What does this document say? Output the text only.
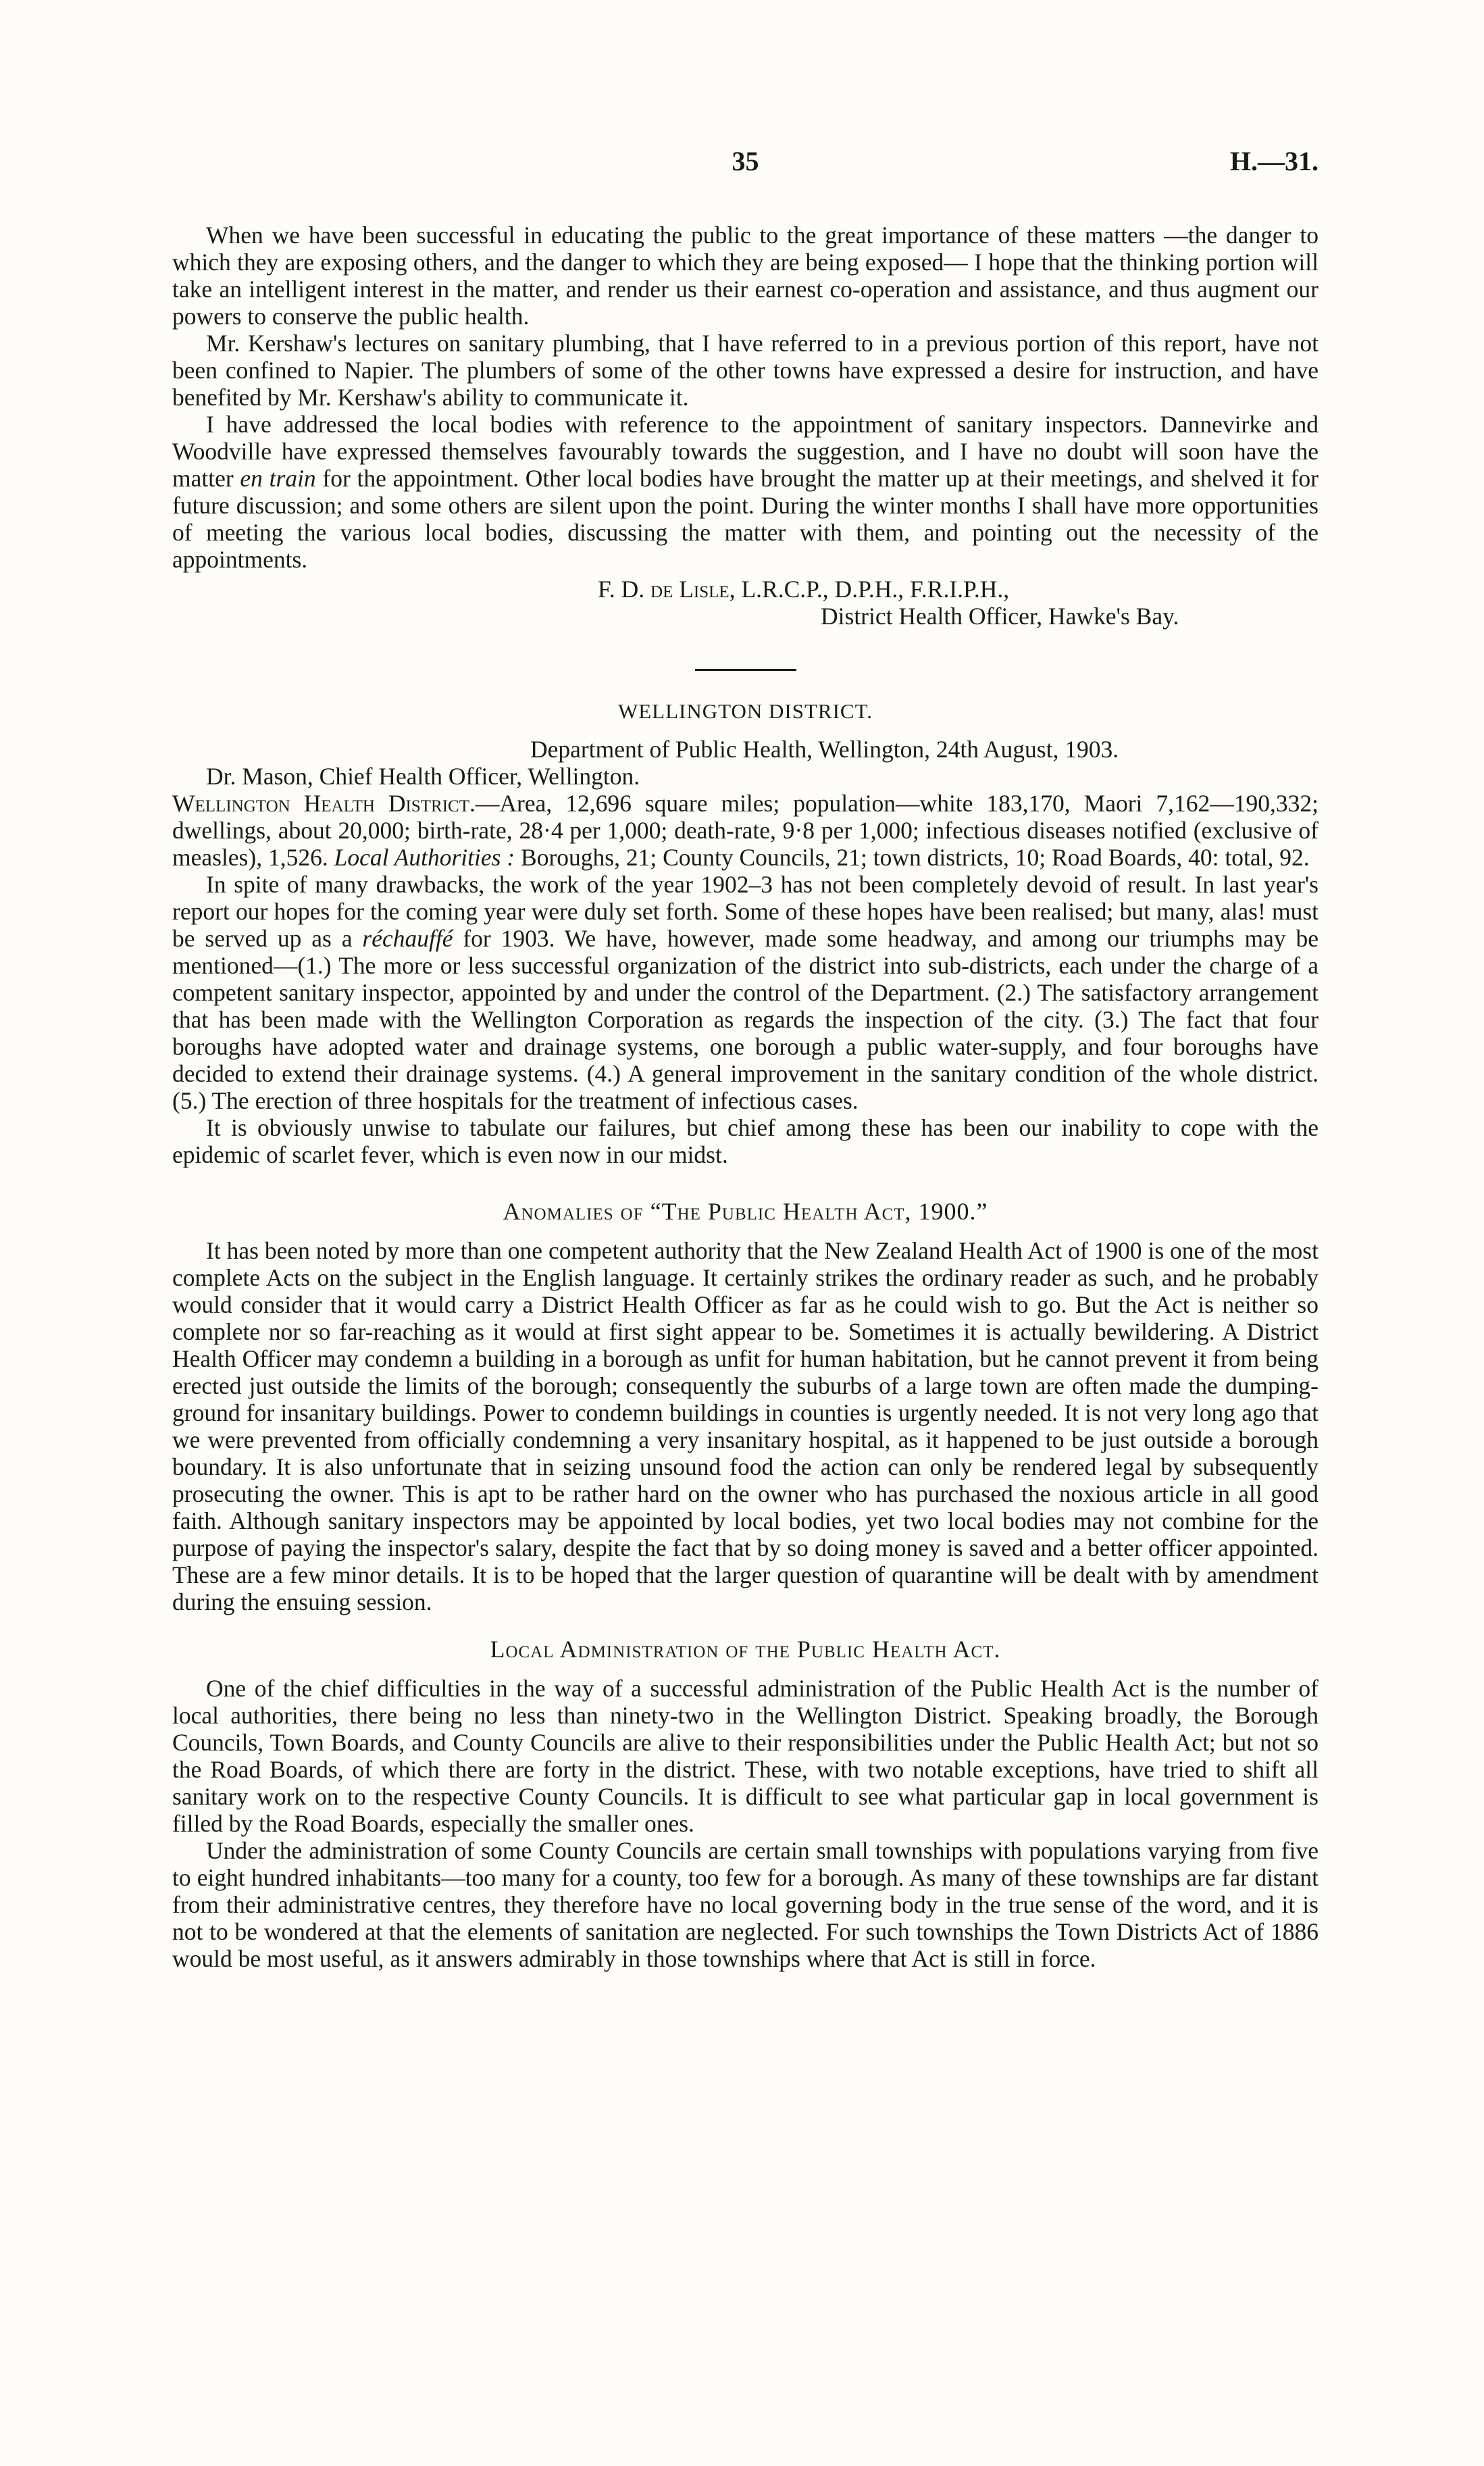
35	H.—31.

When we have been successful in educating the public to the great importance of these matters —the danger to which they are exposing others, and the danger to which they are being exposed— I hope that the thinking portion will take an intelligent interest in the matter, and render us their earnest co-operation and assistance, and thus augment our powers to conserve the public health.

Mr. Kershaw's lectures on sanitary plumbing, that I have referred to in a previous portion of this report, have not been confined to Napier. The plumbers of some of the other towns have expressed a desire for instruction, and have benefited by Mr. Kershaw's ability to communicate it.

I have addressed the local bodies with reference to the appointment of sanitary inspectors. Dannevirke and Woodville have expressed themselves favourably towards the suggestion, and I have no doubt will soon have the matter en train for the appointment. Other local bodies have brought the matter up at their meetings, and shelved it for future discussion; and some others are silent upon the point. During the winter months I shall have more opportunities of meeting the various local bodies, discussing the matter with them, and pointing out the necessity of the appointments.

F. D. de Lisle, L.R.C.P., D.P.H., F.R.I.P.H.,
District Health Officer, Hawke's Bay.
WELLINGTON DISTRICT.

Department of Public Health, Wellington, 24th August, 1903.

Dr. Mason, Chief Health Officer, Wellington.

Wellington Health District.—Area, 12,696 square miles; population—white 183,170, Maori 7,162—190,332; dwellings, about 20,000; birth-rate, 28·4 per 1,000; death-rate, 9·8 per 1,000; infectious diseases notified (exclusive of measles), 1,526. Local Authorities : Boroughs, 21; County Councils, 21; town districts, 10; Road Boards, 40: total, 92.

In spite of many drawbacks, the work of the year 1902–3 has not been completely devoid of result. In last year's report our hopes for the coming year were duly set forth. Some of these hopes have been realised; but many, alas! must be served up as a réchauffé for 1903. We have, however, made some headway, and among our triumphs may be mentioned—(1.) The more or less successful organization of the district into sub-districts, each under the charge of a competent sanitary inspector, appointed by and under the control of the Department. (2.) The satisfactory arrangement that has been made with the Wellington Corporation as regards the inspection of the city. (3.) The fact that four boroughs have adopted water and drainage systems, one borough a public water-supply, and four boroughs have decided to extend their drainage systems. (4.) A general improvement in the sanitary condition of the whole district. (5.) The erection of three hospitals for the treatment of infectious cases.

It is obviously unwise to tabulate our failures, but chief among these has been our inability to cope with the epidemic of scarlet fever, which is even now in our midst.

Anomalies of “The Public Health Act, 1900.”

It has been noted by more than one competent authority that the New Zealand Health Act of 1900 is one of the most complete Acts on the subject in the English language. It certainly strikes the ordinary reader as such, and he probably would consider that it would carry a District Health Officer as far as he could wish to go. But the Act is neither so complete nor so far-reaching as it would at first sight appear to be. Sometimes it is actually bewildering. A District Health Officer may condemn a building in a borough as unfit for human habitation, but he cannot prevent it from being erected just outside the limits of the borough; consequently the suburbs of a large town are often made the dumping-ground for insanitary buildings. Power to condemn buildings in counties is urgently needed. It is not very long ago that we were prevented from officially condemning a very insanitary hospital, as it happened to be just outside a borough boundary. It is also unfortunate that in seizing unsound food the action can only be rendered legal by subsequently prosecuting the owner. This is apt to be rather hard on the owner who has purchased the noxious article in all good faith. Although sanitary inspectors may be appointed by local bodies, yet two local bodies may not combine for the purpose of paying the inspector's salary, despite the fact that by so doing money is saved and a better officer appointed. These are a few minor details. It is to be hoped that the larger question of quarantine will be dealt with by amendment during the ensuing session.

Local Administration of the Public Health Act.

One of the chief difficulties in the way of a successful administration of the Public Health Act is the number of local authorities, there being no less than ninety-two in the Wellington District. Speaking broadly, the Borough Councils, Town Boards, and County Councils are alive to their responsibilities under the Public Health Act; but not so the Road Boards, of which there are forty in the district. These, with two notable exceptions, have tried to shift all sanitary work on to the respective County Councils. It is difficult to see what particular gap in local government is filled by the Road Boards, especially the smaller ones.

Under the administration of some County Councils are certain small townships with populations varying from five to eight hundred inhabitants—too many for a county, too few for a borough. As many of these townships are far distant from their administrative centres, they therefore have no local governing body in the true sense of the word, and it is not to be wondered at that the elements of sanitation are neglected. For such townships the Town Districts Act of 1886 would be most useful, as it answers admirably in those townships where that Act is still in force.
